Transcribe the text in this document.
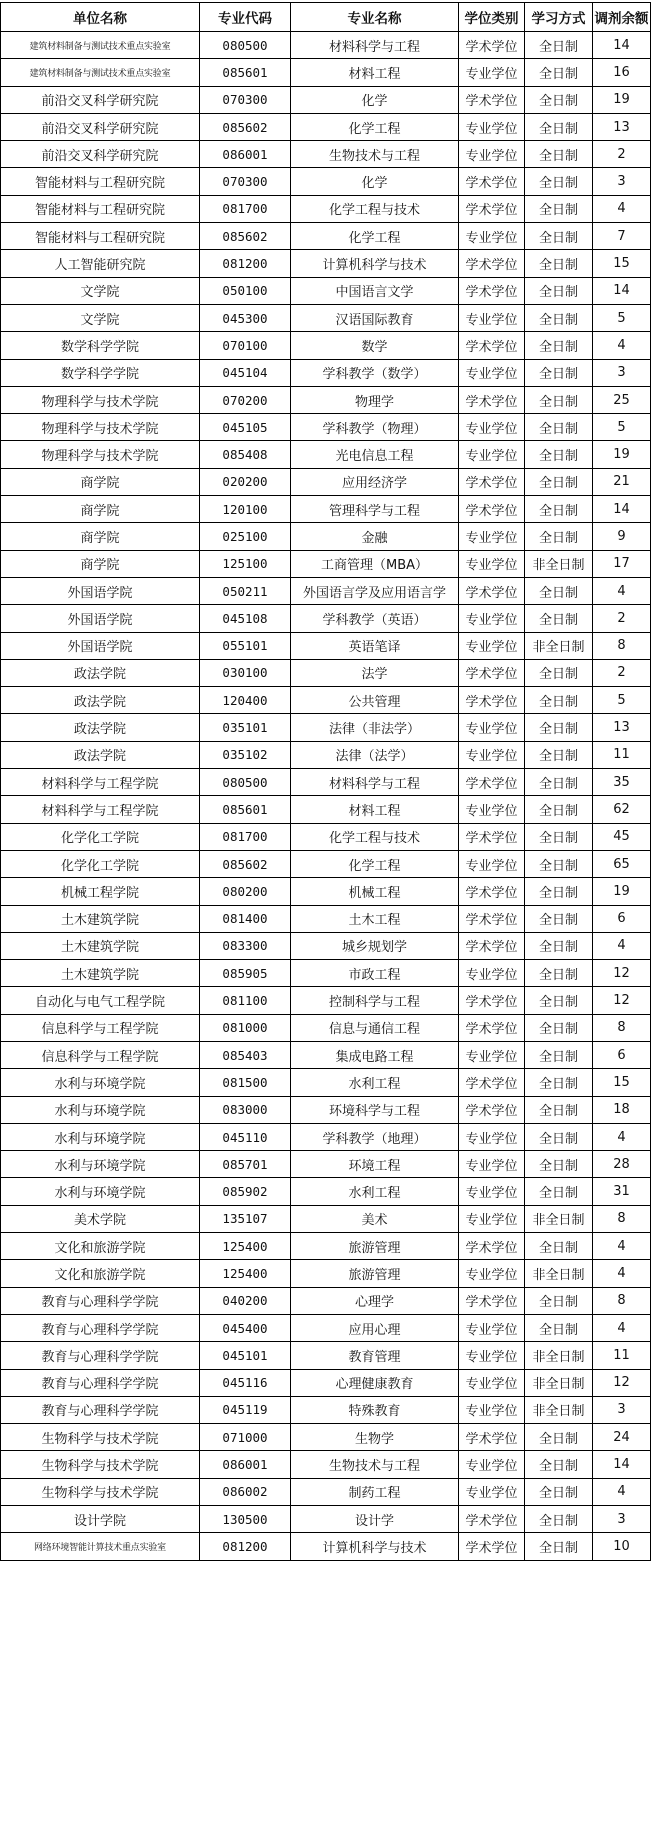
单位名称	专业代码	专业名称	学位类别	学习方式	调剂余额
建筑材料制备与测试技术重点实验室	080500	材料科学与工程	学术学位	全日制	14
建筑材料制备与测试技术重点实验室	085601	材料工程	专业学位	全日制	16
前沿交叉科学研究院	070300	化学	学术学位	全日制	19
前沿交叉科学研究院	085602	化学工程	专业学位	全日制	13
前沿交叉科学研究院	086001	生物技术与工程	专业学位	全日制	2
智能材料与工程研究院	070300	化学	学术学位	全日制	3
智能材料与工程研究院	081700	化学工程与技术	学术学位	全日制	4
智能材料与工程研究院	085602	化学工程	专业学位	全日制	7
人工智能研究院	081200	计算机科学与技术	学术学位	全日制	15
文学院	050100	中国语言文学	学术学位	全日制	14
文学院	045300	汉语国际教育	专业学位	全日制	5
数学科学学院	070100	数学	学术学位	全日制	4
数学科学学院	045104	学科教学（数学）	专业学位	全日制	3
物理科学与技术学院	070200	物理学	学术学位	全日制	25
物理科学与技术学院	045105	学科教学（物理）	专业学位	全日制	5
物理科学与技术学院	085408	光电信息工程	专业学位	全日制	19
商学院	020200	应用经济学	学术学位	全日制	21
商学院	120100	管理科学与工程	学术学位	全日制	14
商学院	025100	金融	专业学位	全日制	9
商学院	125100	工商管理（MBA）	专业学位	非全日制	17
外国语学院	050211	外国语言学及应用语言学	学术学位	全日制	4
外国语学院	045108	学科教学（英语）	专业学位	全日制	2
外国语学院	055101	英语笔译	专业学位	非全日制	8
政法学院	030100	法学	学术学位	全日制	2
政法学院	120400	公共管理	学术学位	全日制	5
政法学院	035101	法律（非法学）	专业学位	全日制	13
政法学院	035102	法律（法学）	专业学位	全日制	11
材料科学与工程学院	080500	材料科学与工程	学术学位	全日制	35
材料科学与工程学院	085601	材料工程	专业学位	全日制	62
化学化工学院	081700	化学工程与技术	学术学位	全日制	45
化学化工学院	085602	化学工程	专业学位	全日制	65
机械工程学院	080200	机械工程	学术学位	全日制	19
土木建筑学院	081400	土木工程	学术学位	全日制	6
土木建筑学院	083300	城乡规划学	学术学位	全日制	4
土木建筑学院	085905	市政工程	专业学位	全日制	12
自动化与电气工程学院	081100	控制科学与工程	学术学位	全日制	12
信息科学与工程学院	081000	信息与通信工程	学术学位	全日制	8
信息科学与工程学院	085403	集成电路工程	专业学位	全日制	6
水利与环境学院	081500	水利工程	学术学位	全日制	15
水利与环境学院	083000	环境科学与工程	学术学位	全日制	18
水利与环境学院	045110	学科教学（地理）	专业学位	全日制	4
水利与环境学院	085701	环境工程	专业学位	全日制	28
水利与环境学院	085902	水利工程	专业学位	全日制	31
美术学院	135107	美术	专业学位	非全日制	8
文化和旅游学院	125400	旅游管理	学术学位	全日制	4
文化和旅游学院	125400	旅游管理	专业学位	非全日制	4
教育与心理科学学院	040200	心理学	学术学位	全日制	8
教育与心理科学学院	045400	应用心理	专业学位	全日制	4
教育与心理科学学院	045101	教育管理	专业学位	非全日制	11
教育与心理科学学院	045116	心理健康教育	专业学位	非全日制	12
教育与心理科学学院	045119	特殊教育	专业学位	非全日制	3
生物科学与技术学院	071000	生物学	学术学位	全日制	24
生物科学与技术学院	086001	生物技术与工程	专业学位	全日制	14
生物科学与技术学院	086002	制药工程	专业学位	全日制	4
设计学院	130500	设计学	学术学位	全日制	3
网络环境智能计算技术重点实验室	081200	计算机科学与技术	学术学位	全日制	10
